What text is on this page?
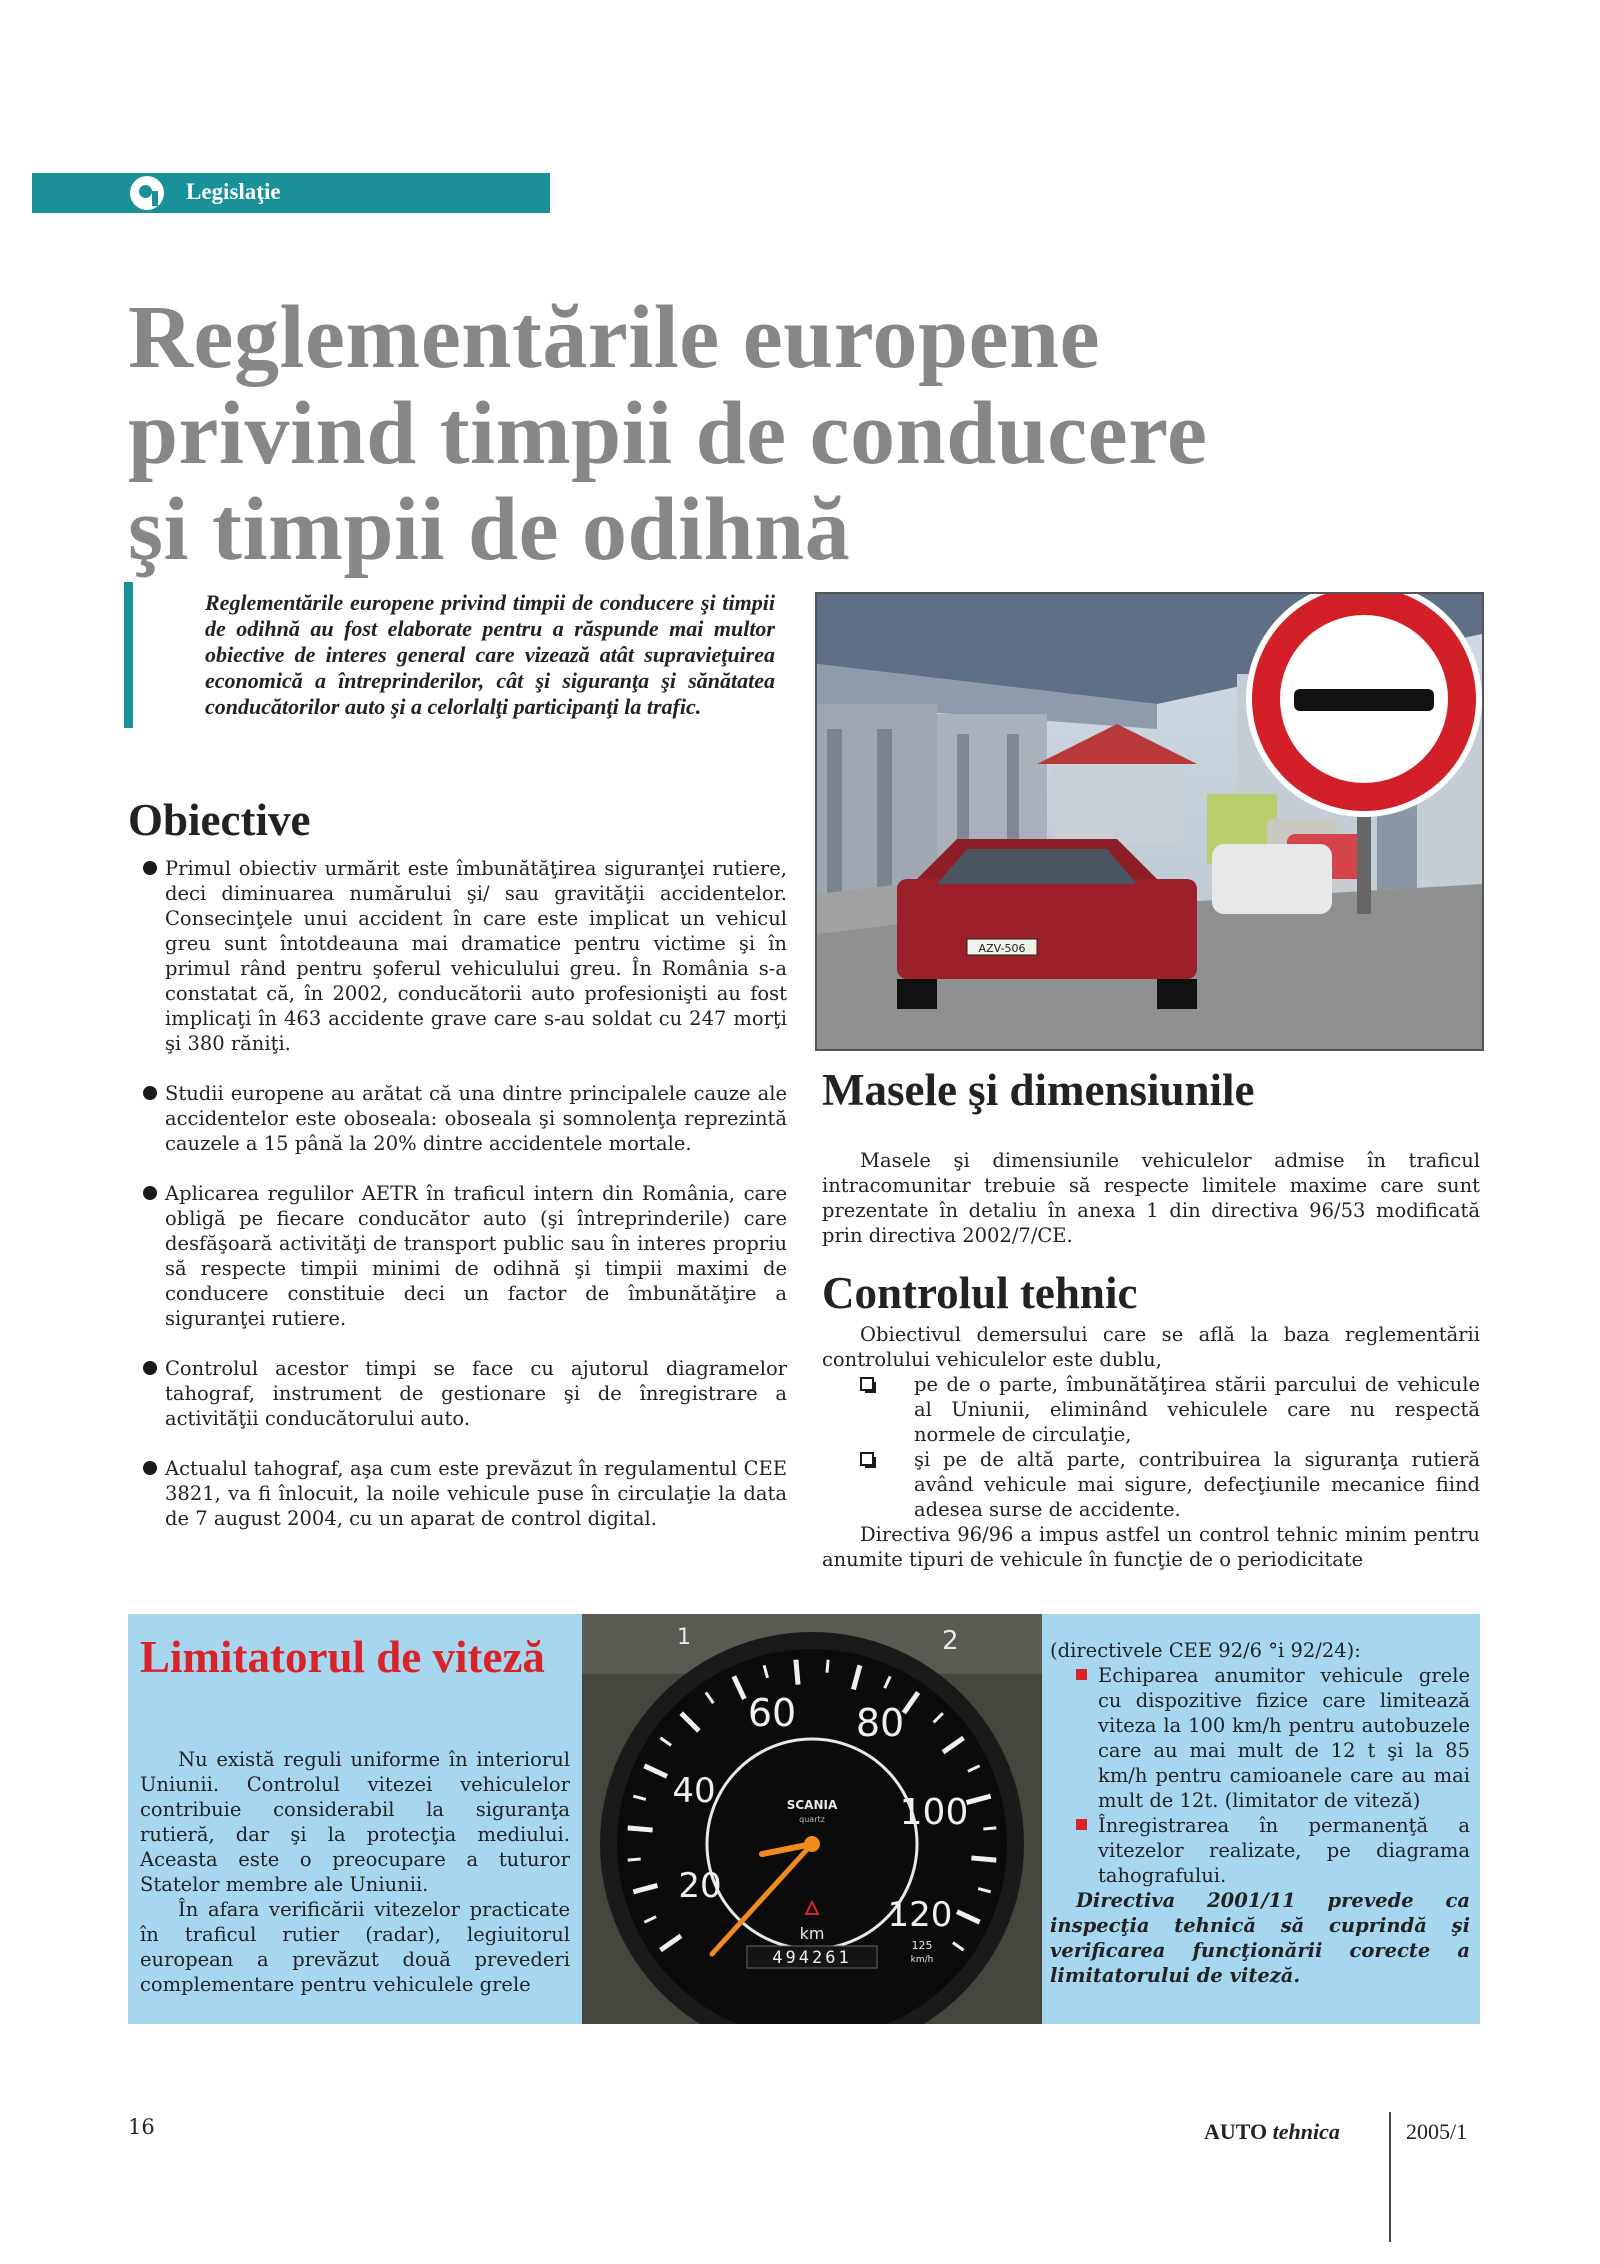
Legislaţie
Reglementările europene
privind timpii de conducere
şi timpii de odihnă
Reglementările europene privind timpii de conducere şi timpii de odihnă au fost elaborate pentru a răspunde mai multor obiective de interes general care vizează atât supravieţuirea economică a întreprinderilor, cât şi siguranţa şi sănătatea conducătorilor auto şi a celorlalţi participanţi la trafic.
Obiective
Primul obiectiv urmărit este îmbunătăţirea siguranţei rutiere, deci diminuarea numărului şi/ sau gravităţii accidentelor. Consecinţele unui accident în care este implicat un vehicul greu sunt întotdeauna mai dramatice pentru victime şi în primul rând pentru şoferul vehiculului greu. În România s-a constatat că, în 2002, conducătorii auto profesionişti au fost implicaţi în 463 accidente grave care s-au soldat cu 247 morţi şi 380 răniţi.
Studii europene au arătat că una dintre principalele cauze ale accidentelor este oboseala: oboseala şi somnolenţa reprezintă cauzele a 15 până la 20% dintre accidentele mortale.
Aplicarea regulilor AETR în traficul intern din România, care obligă pe fiecare conducător auto (şi întreprinderile) care desfăşoară activităţi de transport public sau în interes propriu să respecte timpii minimi de odihnă şi timpii maximi de conducere constituie deci un factor de îmbunătăţire a siguranţei rutiere.
Controlul acestor timpi se face cu ajutorul diagramelor tahograf, instrument de gestionare şi de înregistrare a activităţii conducătorului auto.
Actualul tahograf, aşa cum este prevăzut în regulamentul CEE 3821, va fi înlocuit, la noile vehicule puse în circulaţie la data de 7 august 2004, cu un aparat de control digital.
AZV-506
Masele şi dimensiunile

Masele şi dimensiunile vehiculelor admise în traficul intracomunitar trebuie să respecte limitele maxime care sunt prezentate în detaliu în anexa 1 din directiva 96/53 modificată prin directiva 2002/7/CE.

Controlul tehnic

Obiectivul demersului care se află la baza reglementării controlului vehiculelor este dublu,

pe de o parte, îmbunătăţirea stării parcului de vehicule al Uniunii, eliminând vehiculele care nu respectă normele de circulaţie,
şi pe de altă parte, contribuirea la siguranţa rutieră având vehicule mai sigure, defecţiunile mecanice fiind adesea surse de accidente.

Directiva 96/96 a impus astfel un control tehnic minim pentru anumite tipuri de vehicule în funcţie de o periodicitate

Limitatorul de viteză

Nu există reguli uniforme în interiorul Uniunii. Controlul vitezei vehiculelor contribuie considerabil la siguranţa rutieră, dar şi la protecţia mediului. Aceasta este o preocupare a tuturor Statelor membre ale Uniunii.

În afara verificării vitezelor practicate în traficul rutier (radar), legiuitorul european a prevăzut două prevederi complementare pentru vehiculele grele

1	2
20
40
60 80
100
120
SCANIA
quartz
km
494261
125
km/h
(directivele CEE 92/6 °i 92/24):
Echiparea anumitor vehicule grele cu dispozitive fizice care limitează viteza la 100 km/h pentru autobuzele care au mai mult de 12 t şi la 85 km/h pentru camioanele care au mai mult de 12t. (limitator de viteză)
Înregistrarea în permanenţă a vitezelor realizate, pe diagrama tahografului.

Directiva 2001/11 prevede ca inspecţia tehnică să cuprindă şi verificarea funcţionării corecte a limitatorului de viteză.

16	AUTO tehnica	2005/1
